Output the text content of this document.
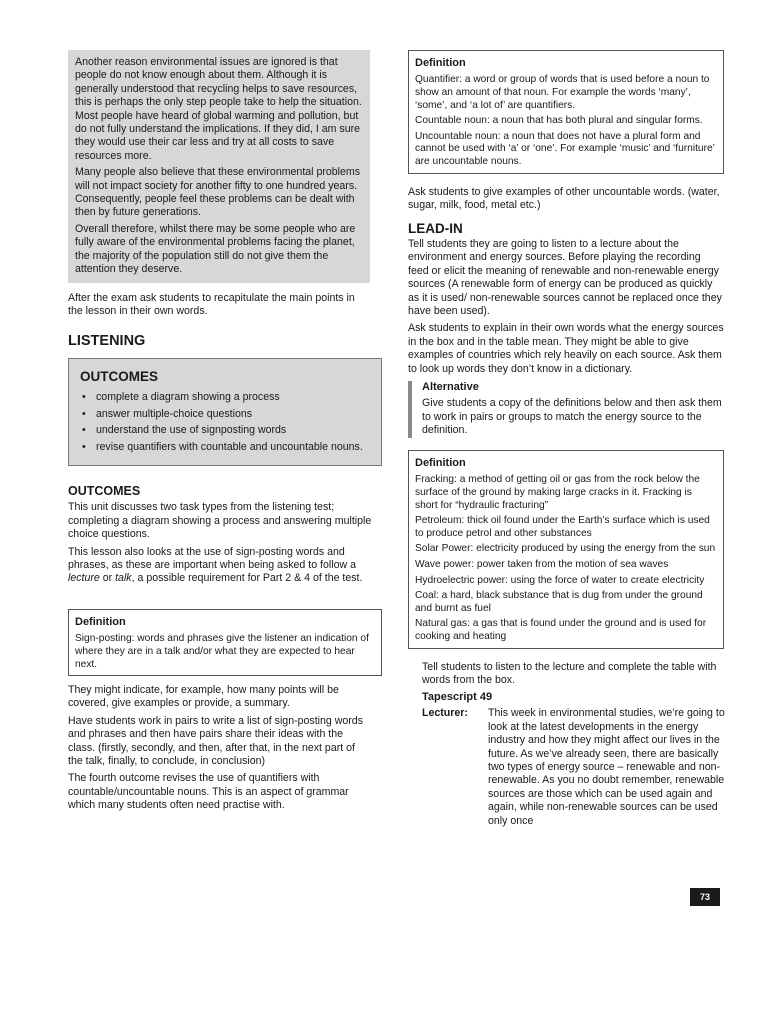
Another reason environmental issues are ignored is that people do not know enough about them. Although it is generally understood that recycling helps to save resources, this is perhaps the only step people take to help the situation. Most people have heard of global warming and pollution, but do not fully understand the implications. If they did, I am sure they would use their car less and try at all costs to save resources more.

Many people also believe that these environmental problems will not impact society for another fifty to one hundred years. Consequently, people feel these problems can be dealt with then by future generations.

Overall therefore, whilst there may be some people who are fully aware of the environmental problems facing the planet, the majority of the population still do not give them the attention they deserve.

After the exam ask students to recapitulate the main points in the lesson in their own words.

LISTENING
OUTCOMES
• complete a diagram showing a process
• answer multiple-choice questions
• understand the use of signposting words
• revise quantifiers with countable and uncountable nouns.
OUTCOMES

This unit discusses two task types from the listening test; completing a diagram showing a process and answering multiple choice questions.

This lesson also looks at the use of sign-posting words and phrases, as these are important when being asked to follow a lecture or talk, a possible requirement for Part 2 & 4 of the test.

Definition

Sign-posting: words and phrases give the listener an indication of where they are in a talk and/or what they are expected to hear next.

They might indicate, for example, how many points will be covered, give examples or provide, a summary.

Have students work in pairs to write a list of sign-posting words and phrases and then have pairs share their ideas with the class. (firstly, secondly, and then, after that, in the next part of the talk, finally, to conclude, in conclusion)

The fourth outcome revises the use of quantifiers with countable/uncountable nouns. This is an aspect of grammar which many students often need practise with.

Definition

Quantifier: a word or group of words that is used before a noun to show an amount of that noun. For example the words ‘many’, ‘some’, and ‘a lot of’ are quantifiers.

Countable noun: a noun that has both plural and singular forms.

Uncountable noun: a noun that does not have a plural form and cannot be used with ‘a’ or ‘one’. For example ‘music’ and ‘furniture’ are uncountable nouns.

Ask students to give examples of other uncountable words. (water, sugar, milk, food, metal etc.)

LEAD-IN

Tell students they are going to listen to a lecture about the environment and energy sources. Before playing the recording feed or elicit the meaning of renewable and non-renewable energy sources (A renewable form of energy can be produced as quickly as it is used/ non-renewable sources cannot be replaced once they have been used).

Ask students to explain in their own words what the energy sources in the box and in the table mean. They might be able to give examples of countries which rely heavily on each source. Ask them to look up words they don’t know in a dictionary.

Alternative

Give students a copy of the definitions below and then ask them to work in pairs or groups to match the energy source to the definition.

Definition

Fracking: a method of getting oil or gas from the rock below the surface of the ground by making large cracks in it. Fracking is short for “hydraulic fracturing”

Petroleum: thick oil found under the Earth’s surface which is used to produce petrol and other substances

Solar Power: electricity produced by using the energy from the sun

Wave power: power taken from the motion of sea waves

Hydroelectric power: using the force of water to create electricity

Coal: a hard, black substance that is dug from under the ground and burnt as fuel

Natural gas: a gas that is found under the ground and is used for cooking and heating

Tell students to listen to the lecture and complete the table with words from the box.

Tapescript 49
Lecturer:	This week in environmental studies, we’re going to look at the latest developments in the energy industry and how they might affect our lives in the future. As we’ve already seen, there are basically two types of energy source – renewable and non-renewable. As you no doubt remember, renewable sources are those which can be used again and again, while non-renewable sources can be used only once
73
